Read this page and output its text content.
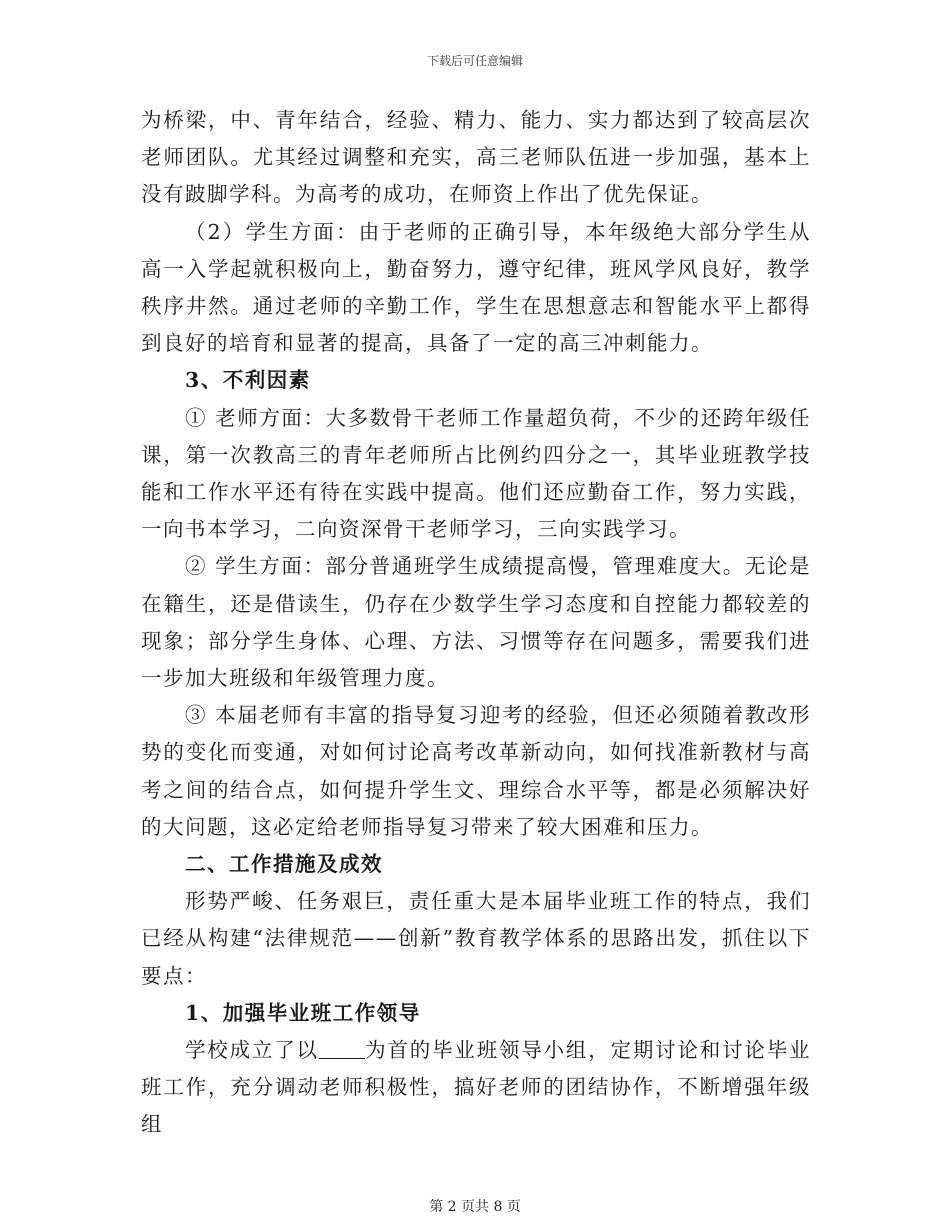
下载后可任意编辑

为桥梁，中、青年结合，经验、精力、能力、实力都达到了较高层次老师团队。尤其经过调整和充实，高三老师队伍进一步加强，基本上没有跛脚学科。为高考的成功，在师资上作出了优先保证。

（2）学生方面：由于老师的正确引导，本年级绝大部分学生从高一入学起就积极向上，勤奋努力，遵守纪律，班风学风良好，教学秩序井然。通过老师的辛勤工作，学生在思想意志和智能水平上都得到良好的培育和显著的提高，具备了一定的高三冲刺能力。

3、不利因素

① 老师方面：大多数骨干老师工作量超负荷，不少的还跨年级任课，第一次教高三的青年老师所占比例约四分之一，其毕业班教学技能和工作水平还有待在实践中提高。他们还应勤奋工作，努力实践，一向书本学习，二向资深骨干老师学习，三向实践学习。

② 学生方面：部分普通班学生成绩提高慢，管理难度大。无论是在籍生，还是借读生，仍存在少数学生学习态度和自控能力都较差的现象；部分学生身体、心理、方法、习惯等存在问题多，需要我们进一步加大班级和年级管理力度。

③ 本届老师有丰富的指导复习迎考的经验，但还必须随着教改形势的变化而变通，对如何讨论高考改革新动向，如何找准新教材与高考之间的结合点，如何提升学生文、理综合水平等，都是必须解决好的大问题，这必定给老师指导复习带来了较大困难和压力。

二、工作措施及成效

形势严峻、任务艰巨，责任重大是本届毕业班工作的特点，我们已经从构建“法律规范——创新”教育教学体系的思路出发，抓住以下要点：

1、加强毕业班工作领导

学校成立了以 为首的毕业班领导小组，定期讨论和讨论毕业班工作，充分调动老师积极性，搞好老师的团结协作，不断增强年级组

第 2 页共 8 页
